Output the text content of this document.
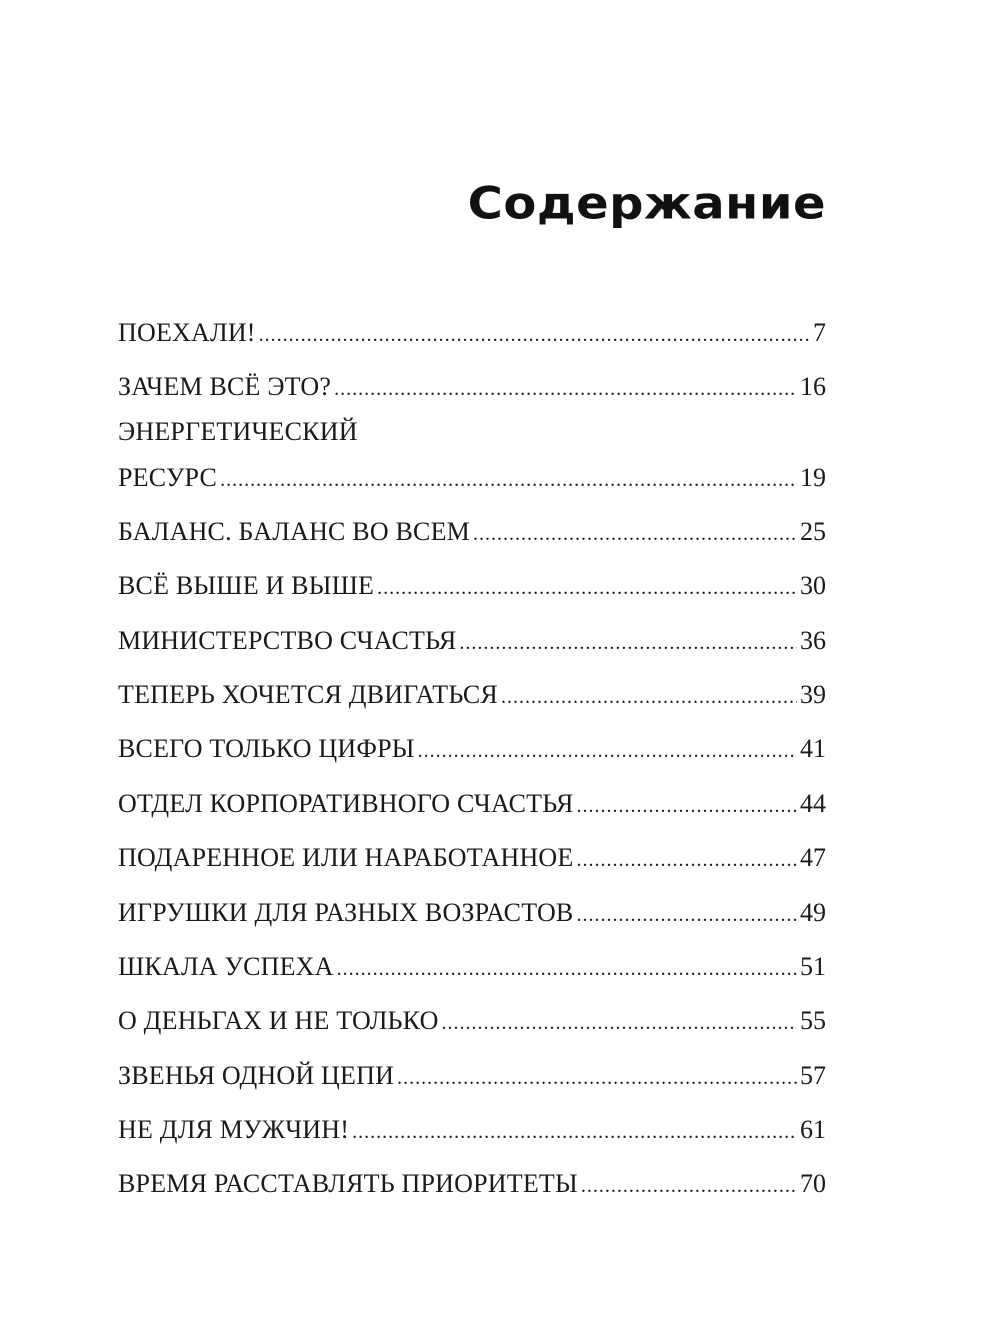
Содержание
ПОЕХАЛИ! .....	7
ЗАЧЕМ ВСЁ ЭТО? .....	16
ЭНЕРГЕТИЧЕСКИЙ
РЕСУРС .....	19
БАЛАНС. БАЛАНС ВО ВСЕМ .....	25
ВСЁ ВЫШЕ И ВЫШЕ .....	30
МИНИСТЕРСТВО СЧАСТЬЯ .....	36
ТЕПЕРЬ ХОЧЕТСЯ ДВИГАТЬСЯ .....	39
ВСЕГО ТОЛЬКО ЦИФРЫ .....	41
ОТДЕЛ КОРПОРАТИВНОГО СЧАСТЬЯ .....	44
ПОДАРЕННОЕ ИЛИ НАРАБОТАННОЕ .....	47
ИГРУШКИ ДЛЯ РАЗНЫХ ВОЗРАСТОВ .....	49
ШКАЛА УСПЕХА .....	51
О ДЕНЬГАХ И НЕ ТОЛЬКО .....	55
ЗВЕНЬЯ ОДНОЙ ЦЕПИ .....	57
НЕ ДЛЯ МУЖЧИН! .....	61
ВРЕМЯ РАССТАВЛЯТЬ ПРИОРИТЕТЫ .....	70
